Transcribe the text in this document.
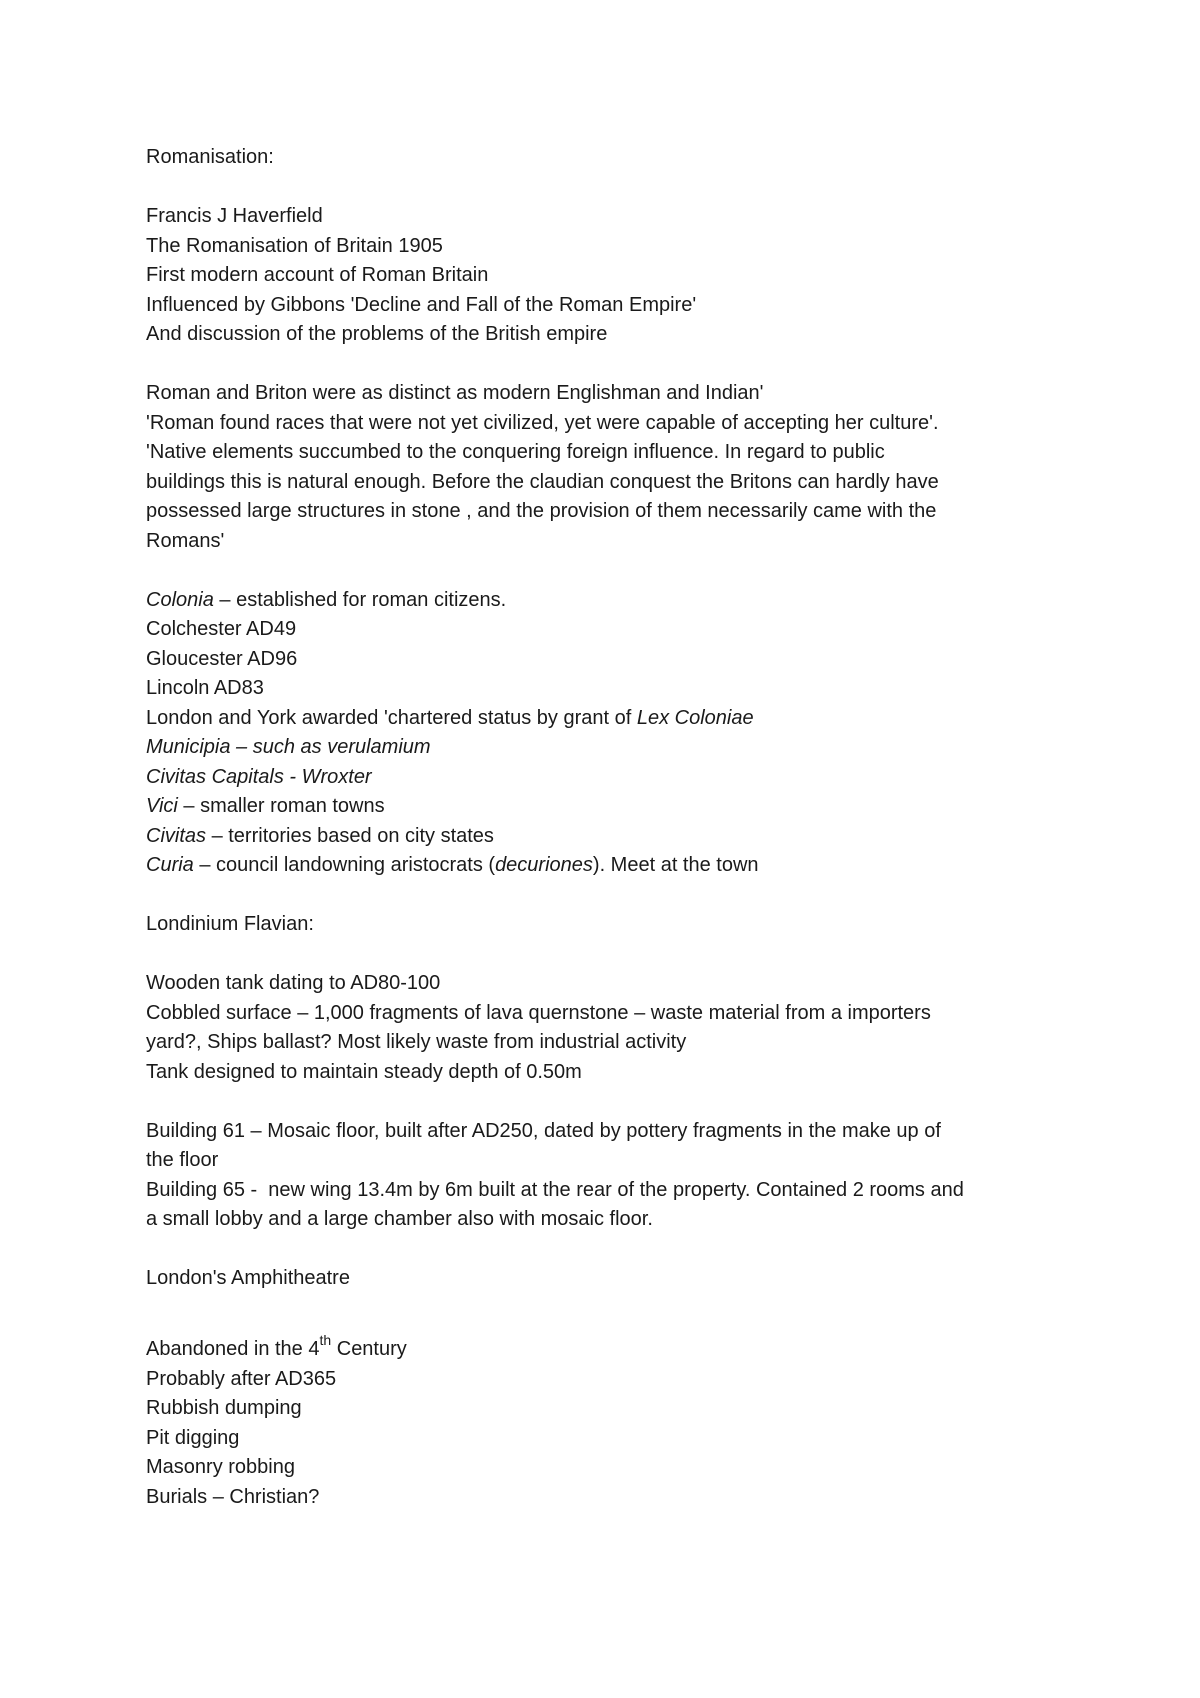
Romanisation:
Francis J Haverfield
The Romanisation of Britain 1905
First modern account of Roman Britain
Influenced by Gibbons 'Decline and Fall of the Roman Empire'
And discussion of the problems of the British empire
Roman and Briton were as distinct as modern Englishman and Indian'
'Roman found races that were not yet civilized, yet were capable of accepting her culture'.
'Native elements succumbed to the conquering foreign influence. In regard to public
buildings this is natural enough. Before the claudian conquest the Britons can hardly have
possessed large structures in stone , and the provision of them necessarily came with the
Romans'
Colonia – established for roman citizens.
Colchester AD49
Gloucester AD96
Lincoln AD83
London and York awarded 'chartered status by grant of Lex Coloniae
Municipia – such as verulamium
Civitas Capitals - Wroxter
Vici – smaller roman towns
Civitas – territories based on city states
Curia – council landowning aristocrats (decuriones). Meet at the town
Londinium Flavian:
Wooden tank dating to AD80-100
Cobbled surface – 1,000 fragments of lava quernstone – waste material from a importers
yard?, Ships ballast? Most likely waste from industrial activity
Tank designed to maintain steady depth of 0.50m
Building 61 – Mosaic floor, built after AD250, dated by pottery fragments in the make up of
the floor
Building 65 -  new wing 13.4m by 6m built at the rear of the property. Contained 2 rooms and
a small lobby and a large chamber also with mosaic floor.
London's Amphitheatre
Abandoned in the 4th Century
Probably after AD365
Rubbish dumping
Pit digging
Masonry robbing
Burials – Christian?
